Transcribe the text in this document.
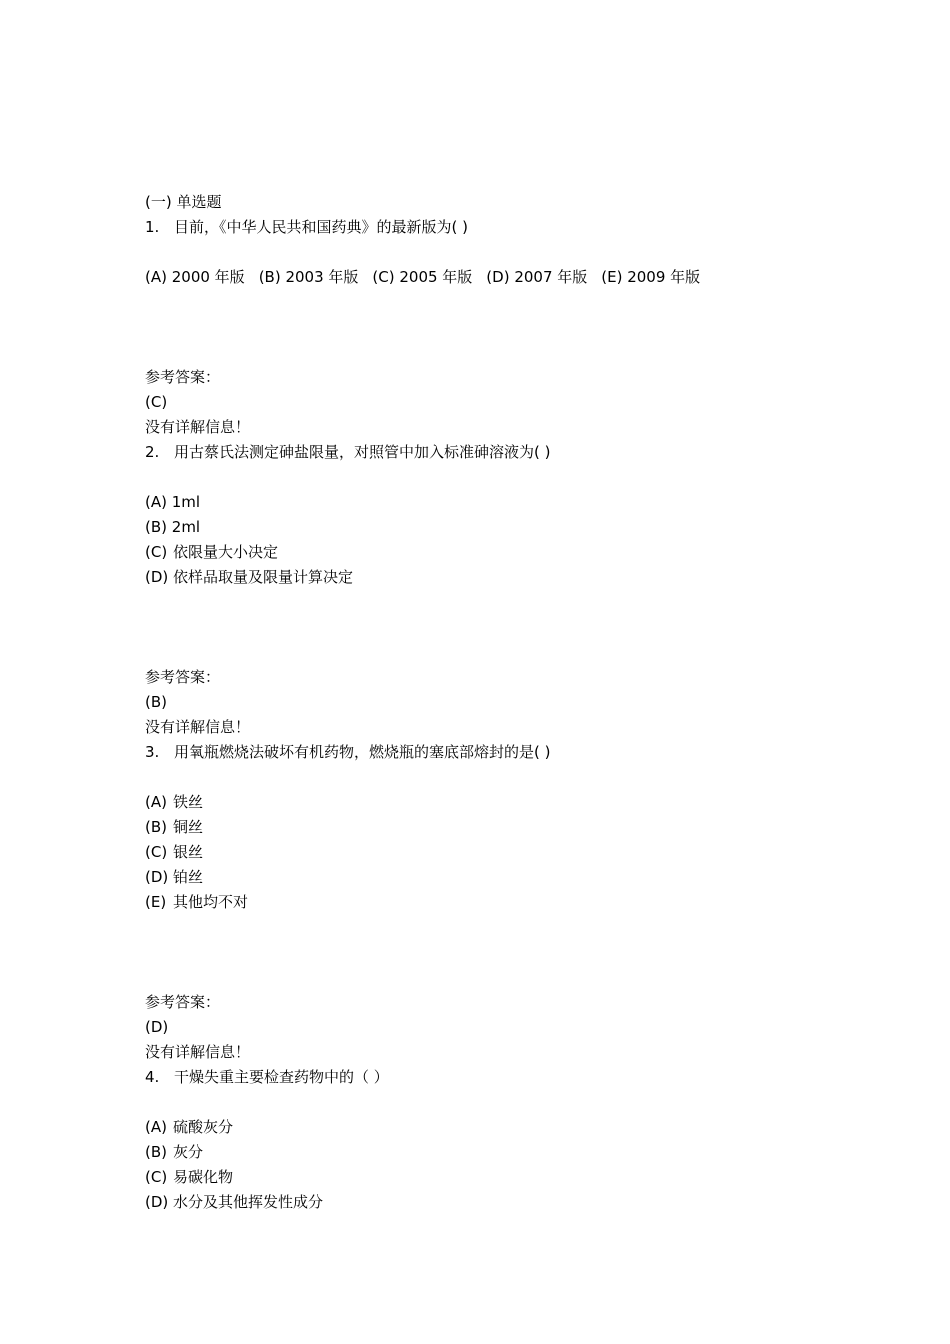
(一) 单选题
1. 目前，《中华人民共和国药典》的最新版为( )
(A) 2000 年版 (B) 2003 年版 (C) 2005 年版 (D) 2007 年版 (E) 2009 年版
参考答案：
(C)
没有详解信息！
2. 用古蔡氏法测定砷盐限量，对照管中加入标准砷溶液为( )
(A) 1ml
(B) 2ml
(C) 依限量大小决定
(D) 依样品取量及限量计算决定
参考答案：
(B)
没有详解信息！
3. 用氧瓶燃烧法破坏有机药物，燃烧瓶的塞底部熔封的是( )
(A) 铁丝
(B) 铜丝
(C) 银丝
(D) 铂丝
(E) 其他均不对
参考答案：
(D)
没有详解信息！
4. 干燥失重主要检查药物中的（ ）
(A) 硫酸灰分
(B) 灰分
(C) 易碳化物
(D) 水分及其他挥发性成分
